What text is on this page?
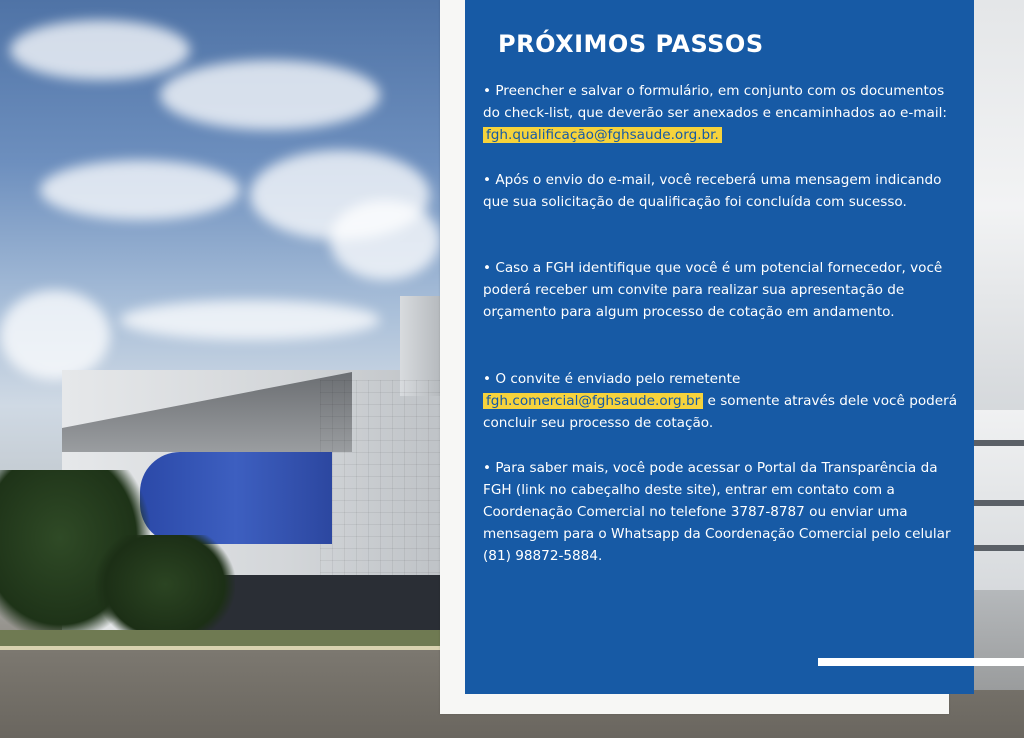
PRÓXIMOS PASSOS

• Preencher e salvar o formulário, em conjunto com os documentos do check-list, que deverão ser anexados e encaminhados ao e-mail: fgh.qualificação@fghsaude.org.br.

• Após o envio do e-mail, você receberá uma mensagem indicando que sua solicitação de qualificação foi concluída com sucesso.

• Caso a FGH identifique que você é um potencial fornecedor, você poderá receber um convite para realizar sua apresentação de orçamento para algum processo de cotação em andamento.

• O convite é enviado pelo remetente fgh.comercial@fghsaude.org.br e somente através dele você poderá concluir seu processo de cotação.

• Para saber mais, você pode acessar o Portal da Transparência da FGH (link no cabeçalho deste site), entrar em contato com a Coordenação Comercial no telefone 3787-8787 ou enviar uma mensagem para o Whatsapp da Coordenação Comercial pelo celular (81) 98872-5884.
